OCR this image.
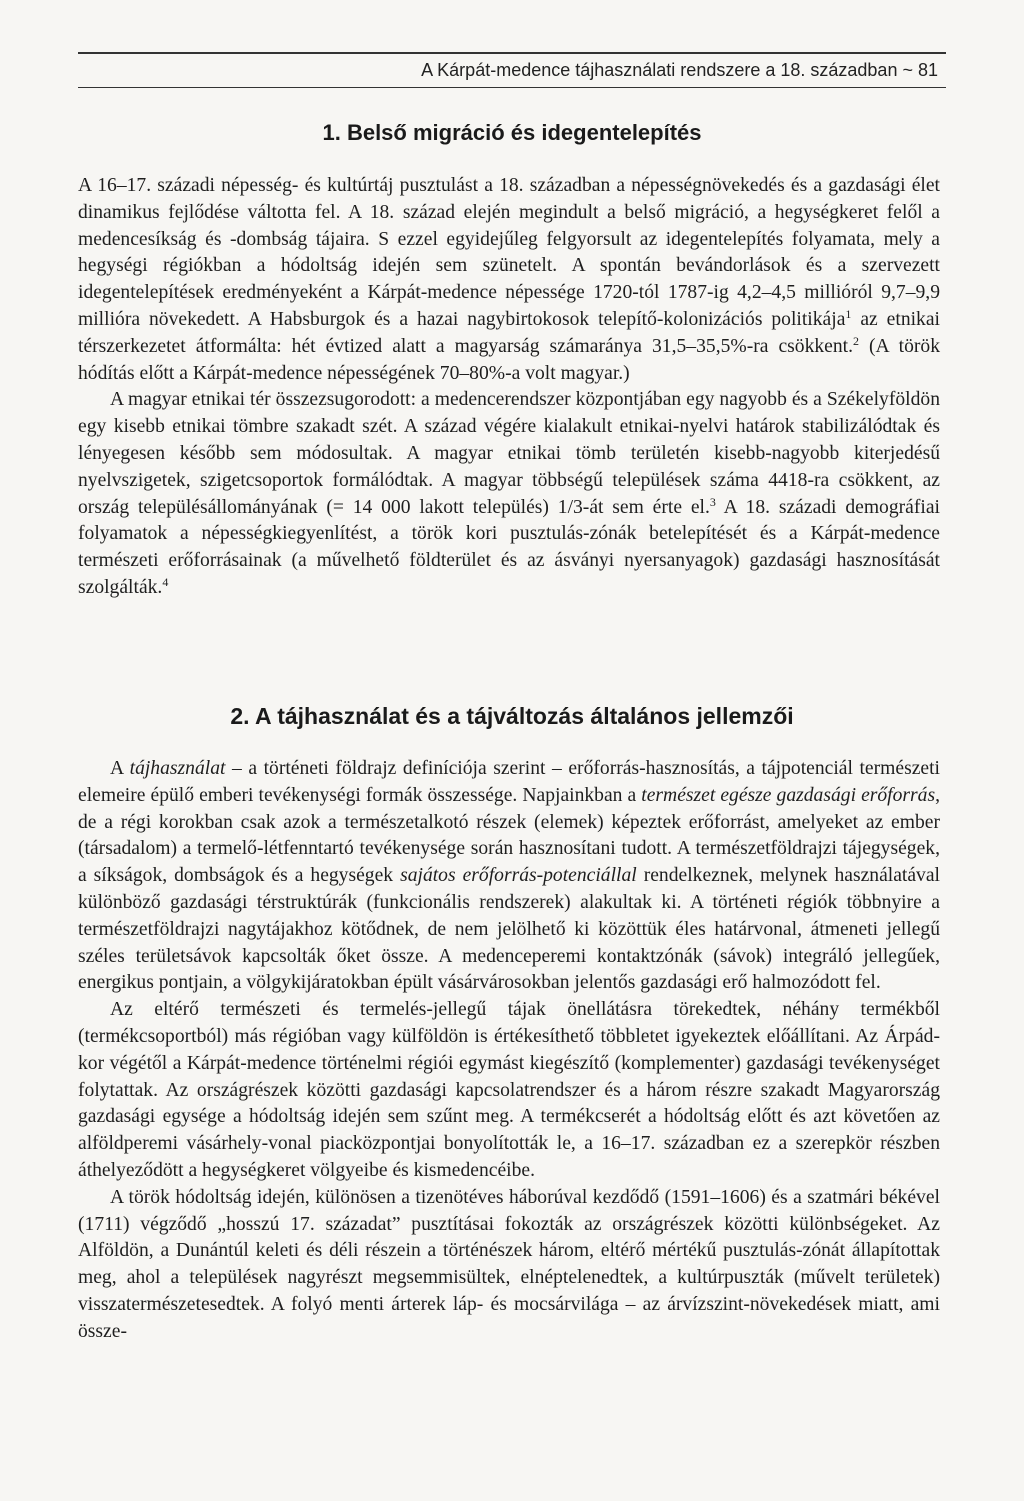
A Kárpát-medence tájhasználati rendszere a 18. században ~ 81
1. Belső migráció és idegentelepítés

A 16–17. századi népesség- és kultúrtáj pusztulást a 18. században a népességnövekedés és a gazdasági élet dinamikus fejlődése váltotta fel. A 18. század elején megindult a belső migráció, a hegységkeret felől a medencesíkság és -dombság tájaira. S ezzel egyidejűleg felgyorsult az idegentelepítés folyamata, mely a hegységi régiókban a hódoltság idején sem szünetelt. A spontán bevándorlások és a szervezett idegentelepítések eredményeként a Kárpát-medence népessége 1720-tól 1787-ig 4,2–4,5 millióról 9,7–9,9 millióra növekedett. A Habsburgok és a hazai nagybirtokosok telepítő-kolonizációs politikája$^1$ az etnikai térszerkezetet átformálta: hét évtized alatt a magyarság számaránya 31,5–35,5%-ra csökkent.$^2$ (A török hódítás előtt a Kárpát-medence népességének 70–80%-a volt magyar.)

A magyar etnikai tér összezsugorodott: a medencerendszer központjában egy nagyobb és a Székelyföldön egy kisebb etnikai tömbre szakadt szét. A század végére kialakult etnikai-nyelvi határok stabilizálódtak és lényegesen később sem módosultak. A magyar etnikai tömb területén kisebb-nagyobb kiterjedésű nyelvszigetek, szigetcsoportok formálódtak. A magyar többségű települések száma 4418-ra csökkent, az ország településállományának (= 14 000 lakott település) 1/3-át sem érte el.$^3$ A 18. századi demográfiai folyamatok a népességkiegyenlítést, a török kori pusztulás-zónák betelepítését és a Kárpát-medence természeti erőforrásainak (a művelhető földterület és az ásványi nyersanyagok) gazdasági hasznosítását szolgálták.$^4$

2. A tájhasználat és a tájváltozás általános jellemzői

A tájhasználat – a történeti földrajz definíciója szerint – erőforrás-hasznosítás, a tájpotenciál természeti elemeire épülő emberi tevékenységi formák összessége. Napjainkban a természet egésze gazdasági erőforrás, de a régi korokban csak azok a természetalkotó részek (elemek) képeztek erőforrást, amelyeket az ember (társadalom) a termelő-létfenntartó tevékenysége során hasznosítani tudott. A természetföldrajzi tájegységek, a síkságok, dombságok és a hegységek sajátos erőforrás-potenciállal rendelkeznek, melynek használatával különböző gazdasági térstruktúrák (funkcionális rendszerek) alakultak ki. A történeti régiók többnyire a természetföldrajzi nagytájakhoz kötődnek, de nem jelölhető ki közöttük éles határvonal, átmeneti jellegű széles területsávok kapcsolták őket össze. A medenceperemi kontaktzónák (sávok) integráló jellegűek, energikus pontjain, a völgykijáratokban épült vásárvárosokban jelentős gazdasági erő halmozódott fel.

Az eltérő természeti és termelés-jellegű tájak önellátásra törekedtek, néhány termékből (termékcsoportból) más régióban vagy külföldön is értékesíthető többletet igyekeztek előállítani. Az Árpád-kor végétől a Kárpát-medence történelmi régiói egymást kiegészítő (komplementer) gazdasági tevékenységet folytattak. Az országrészek közötti gazdasági kapcsolatrendszer és a három részre szakadt Magyarország gazdasági egysége a hódoltság idején sem szűnt meg. A termékcserét a hódoltság előtt és azt követően az alföldperemi vásárhely-vonal piacközpontjai bonyolították le, a 16–17. században ez a szerepkör részben áthelyeződött a hegységkeret völgyeibe és kismedencéibe.

A török hódoltság idején, különösen a tizenötéves háborúval kezdődő (1591–1606) és a szatmári békével (1711) végződő „hosszú 17. századat” pusztításai fokozták az országrészek közötti különbségeket. Az Alföldön, a Dunántúl keleti és déli részein a történészek három, eltérő mértékű pusztulás-zónát állapítottak meg, ahol a települések nagyrészt megsemmisültek, elnéptelenedtek, a kultúrpuszták (művelt területek) visszatermészetesedtek. A folyó menti árterek láp- és mocsárvilága – az árvízszint-növekedések miatt, ami össze-
